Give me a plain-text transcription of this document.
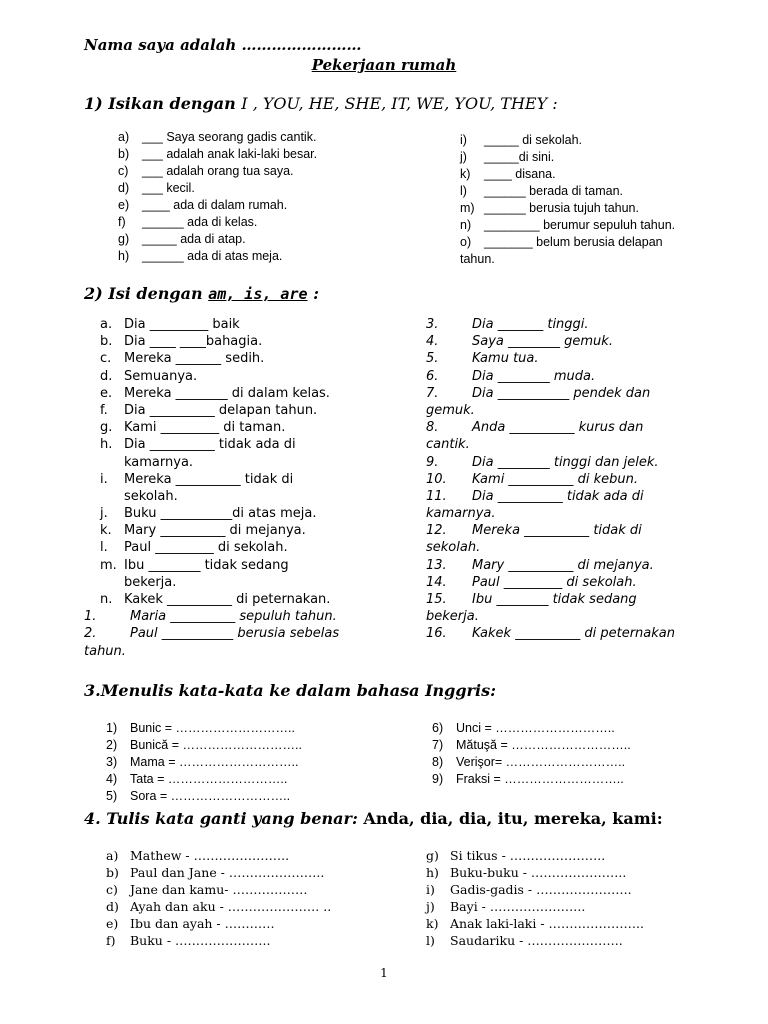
Nama saya adalah ……………………
Pekerjaan rumah
1) Isikan dengan I , YOU, HE, SHE, IT, WE, YOU, THEY :
a) ___ Saya seorang gadis cantik.
b) ___ adalah anak laki-laki besar.
c) ___ adalah orang tua saya.
d) ___ kecil.
e) ____ ada di dalam rumah.
f) ______ ada di kelas.
g) _____ ada di atap.
h) ______ ada di atas meja.
i) _____ di sekolah.
j) _____di sini.
k) ____ disana.
l) ______ berada di taman.
m) ______ berusia tujuh tahun.
n) ________ berumur sepuluh tahun.
o) _______ belum berusia delapan
tahun.
2) Isi dengan am, is, are :
a. Dia _________ baik
b. Dia ____ ____bahagia.
c. Mereka _______ sedih.
d. Semuanya.
e. Mereka ________ di dalam kelas.
f. Dia __________ delapan tahun.
g. Kami _________ di taman.
h. Dia __________ tidak ada di
kamarnya.
i. Mereka __________ tidak di
sekolah.
j. Buku ___________di atas meja.
k. Mary __________ di mejanya.
l. Paul _________ di sekolah.
m. Ibu ________ tidak sedang
bekerja.
n. Kakek __________ di peternakan.
1.	Maria __________ sepuluh tahun.
2.	Paul ___________ berusia sebelas
tahun.
3.	Dia _______ tinggi.
4.	Saya ________ gemuk.
5.	Kamu tua.
6.	Dia ________ muda.
7.	Dia ___________ pendek dan
gemuk.
8.	Anda __________ kurus dan
cantik.
9.	Dia ________ tinggi dan jelek.
10. Kami __________ di kebun.
11. Dia __________ tidak ada di
kamarnya.
12. Mereka __________ tidak di
sekolah.
13. Mary __________ di mejanya.
14. Paul _________ di sekolah.
15. Ibu ________ tidak sedang
bekerja.
16. Kakek __________ di peternakan
3.Menulis kata-kata ke dalam bahasa Inggris:
1) Bunic = ………………………..
2) Bunică = ………………………..
3) Mama = ………………………..
4) Tata = ………………………..
5) Sora = ………………………..
6) Unci = ………………………..
7) Mătuşă = ………………………..
8) Verişor= ………………………..
9) Fraksi = ………………………..
4. Tulis kata ganti yang benar: Anda, dia, dia, itu, mereka, kami:
a) Mathew - …………………..
b) Paul dan Jane - …………………..
c) Jane dan kamu- ………………
d) Ayah dan aku - …………………. ..
e) Ibu dan ayah - …………
f) Buku - …………………..
g) Si tikus - …………………..
h) Buku-buku - …………………..
i) Gadis-gadis - …………………..
j) Bayi - …………………..
k) Anak laki-laki - …………………..
l) Saudariku - …………………..
1
